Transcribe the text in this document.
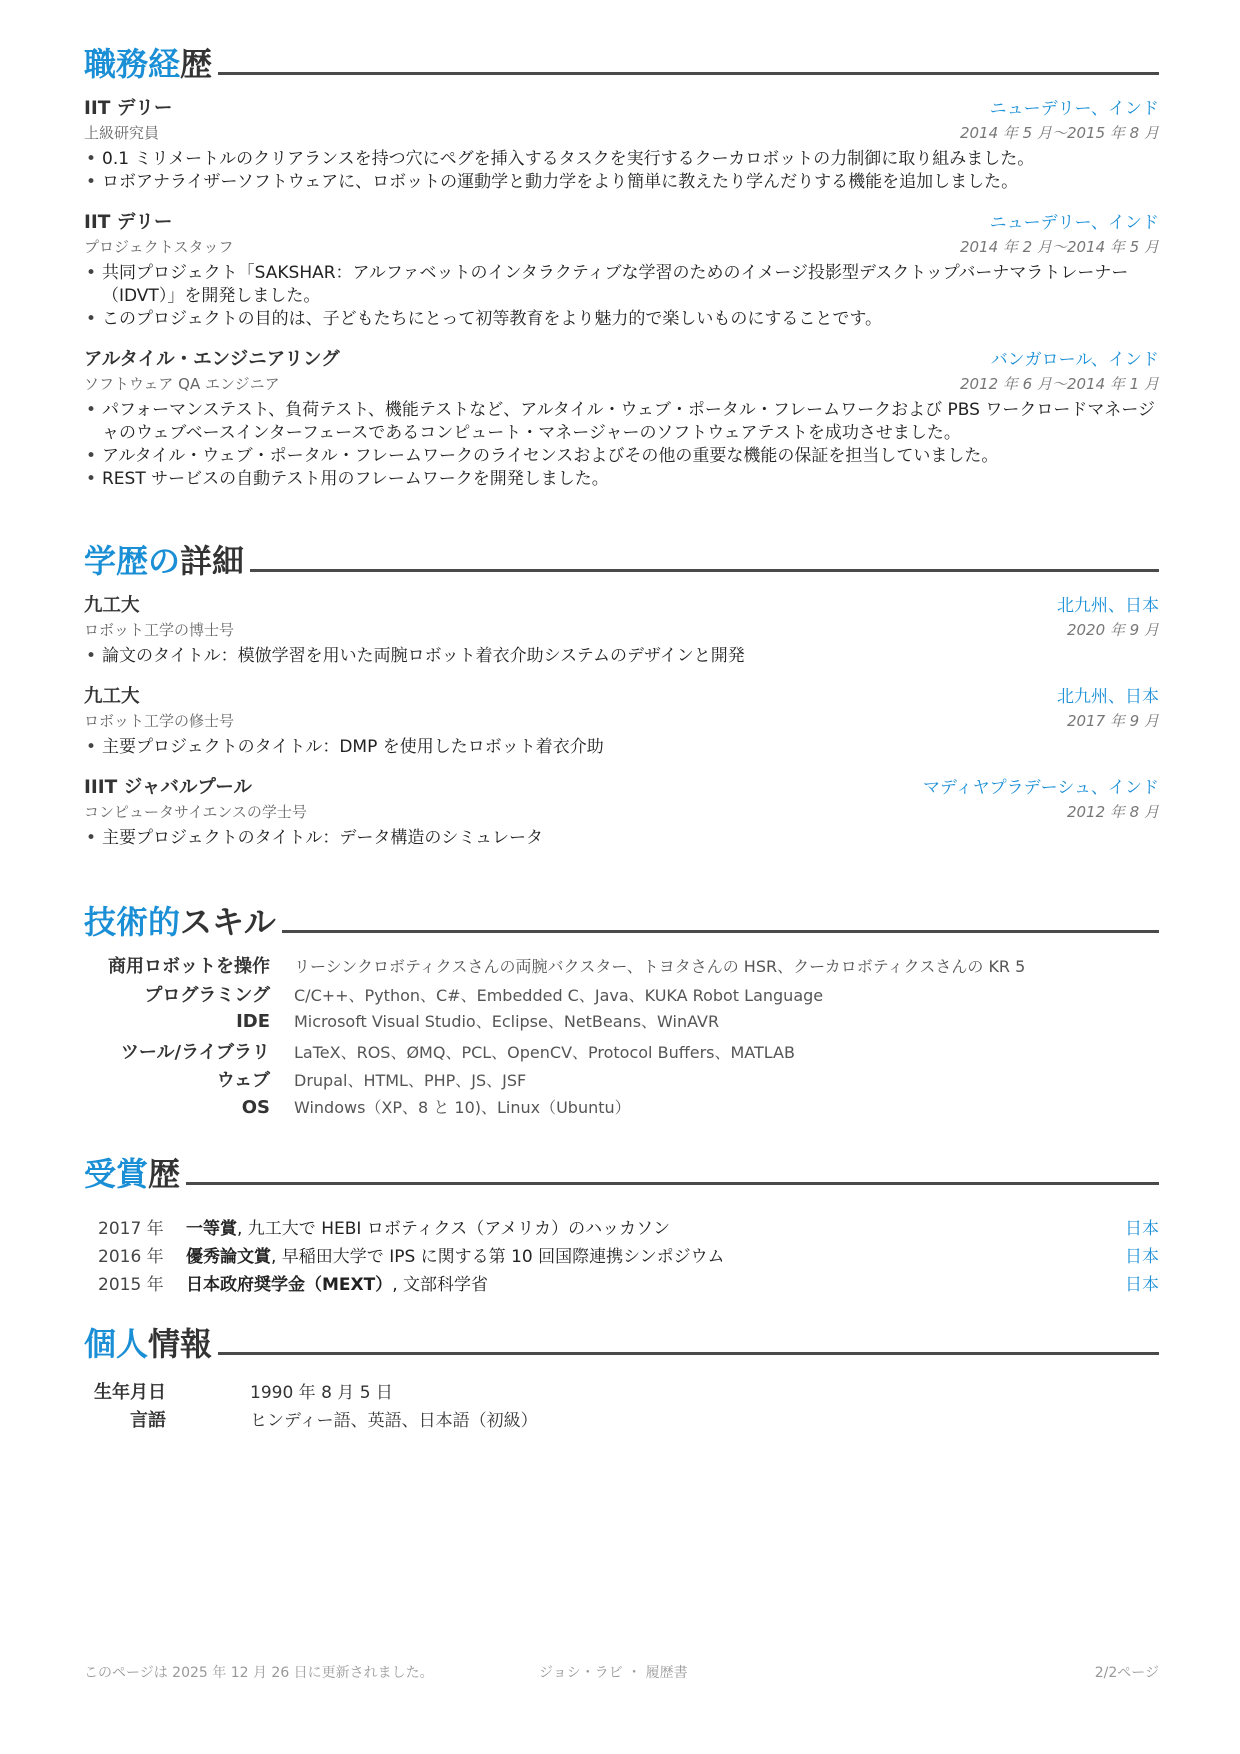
職務経歴
IIT デリー	ニューデリー、インド
上級研究員	2014 年 5 月〜2015 年 8 月
• 0.1 ミリメートルのクリアランスを持つ穴にペグを挿入するタスクを実行するクーカロボットの力制御に取り組みました。
• ロボアナライザーソフトウェアに、ロボットの運動学と動力学をより簡単に教えたり学んだりする機能を追加しました。
IIT デリー	ニューデリー、インド
プロジェクトスタッフ	2014 年 2 月〜2014 年 5 月
• 共同プロジェクト「SAKSHAR：アルファベットのインタラクティブな学習のためのイメージ投影型デスクトップバーナマラトレーナー（IDVT）」を開発しました。
• このプロジェクトの目的は、子どもたちにとって初等教育をより魅力的で楽しいものにすることです。
アルタイル・エンジニアリング	バンガロール、インド
ソフトウェア QA エンジニア	2012 年 6 月〜2014 年 1 月
• パフォーマンステスト、負荷テスト、機能テストなど、アルタイル・ウェブ・ポータル・フレームワークおよび PBS ワークロードマネージャのウェブベースインターフェースであるコンピュート・マネージャーのソフトウェアテストを成功させました。
• アルタイル・ウェブ・ポータル・フレームワークのライセンスおよびその他の重要な機能の保証を担当していました。
• REST サービスの自動テスト用のフレームワークを開発しました。
学歴の詳細
九工大	北九州、日本
ロボット工学の博士号	2020 年 9 月
• 論文のタイトル：模倣学習を用いた両腕ロボット着衣介助システムのデザインと開発
九工大	北九州、日本
ロボット工学の修士号	2017 年 9 月
• 主要プロジェクトのタイトル：DMP を使用したロボット着衣介助
IIIT ジャバルプール	マディヤプラデーシュ、インド
コンピュータサイエンスの学士号	2012 年 8 月
• 主要プロジェクトのタイトル：データ構造のシミュレータ
技術的スキル
商用ロボットを操作	リーシンクロボティクスさんの両腕バクスター、トヨタさんの HSR、クーカロボティクスさんの KR 5
プログラミング	C/C++、Python、C#、Embedded C、Java、KUKA Robot Language
IDE	Microsoft Visual Studio、Eclipse、NetBeans、WinAVR
ツール/ライブラリ	LaTeX、ROS、ØMQ、PCL、OpenCV、Protocol Buffers、MATLAB
ウェブ	Drupal、HTML、PHP、JS、JSF
OS	Windows（XP、8 と 10)、Linux（Ubuntu）
受賞歴
2017 年	一等賞, 九工大で HEBI ロボティクス（アメリカ）のハッカソン	日本
2016 年	優秀論文賞, 早稲田大学で IPS に関する第 10 回国際連携シンポジウム	日本
2015 年	日本政府奨学金（MEXT）, 文部科学省	日本
個人情報
生年月日	1990 年 8 月 5 日
言語	ヒンディー語、英語、日本語（初級）
このページは 2025 年 12 月 26 日に更新されました。	ジョシ・ラビ ・ 履歴書	2/2ページ
